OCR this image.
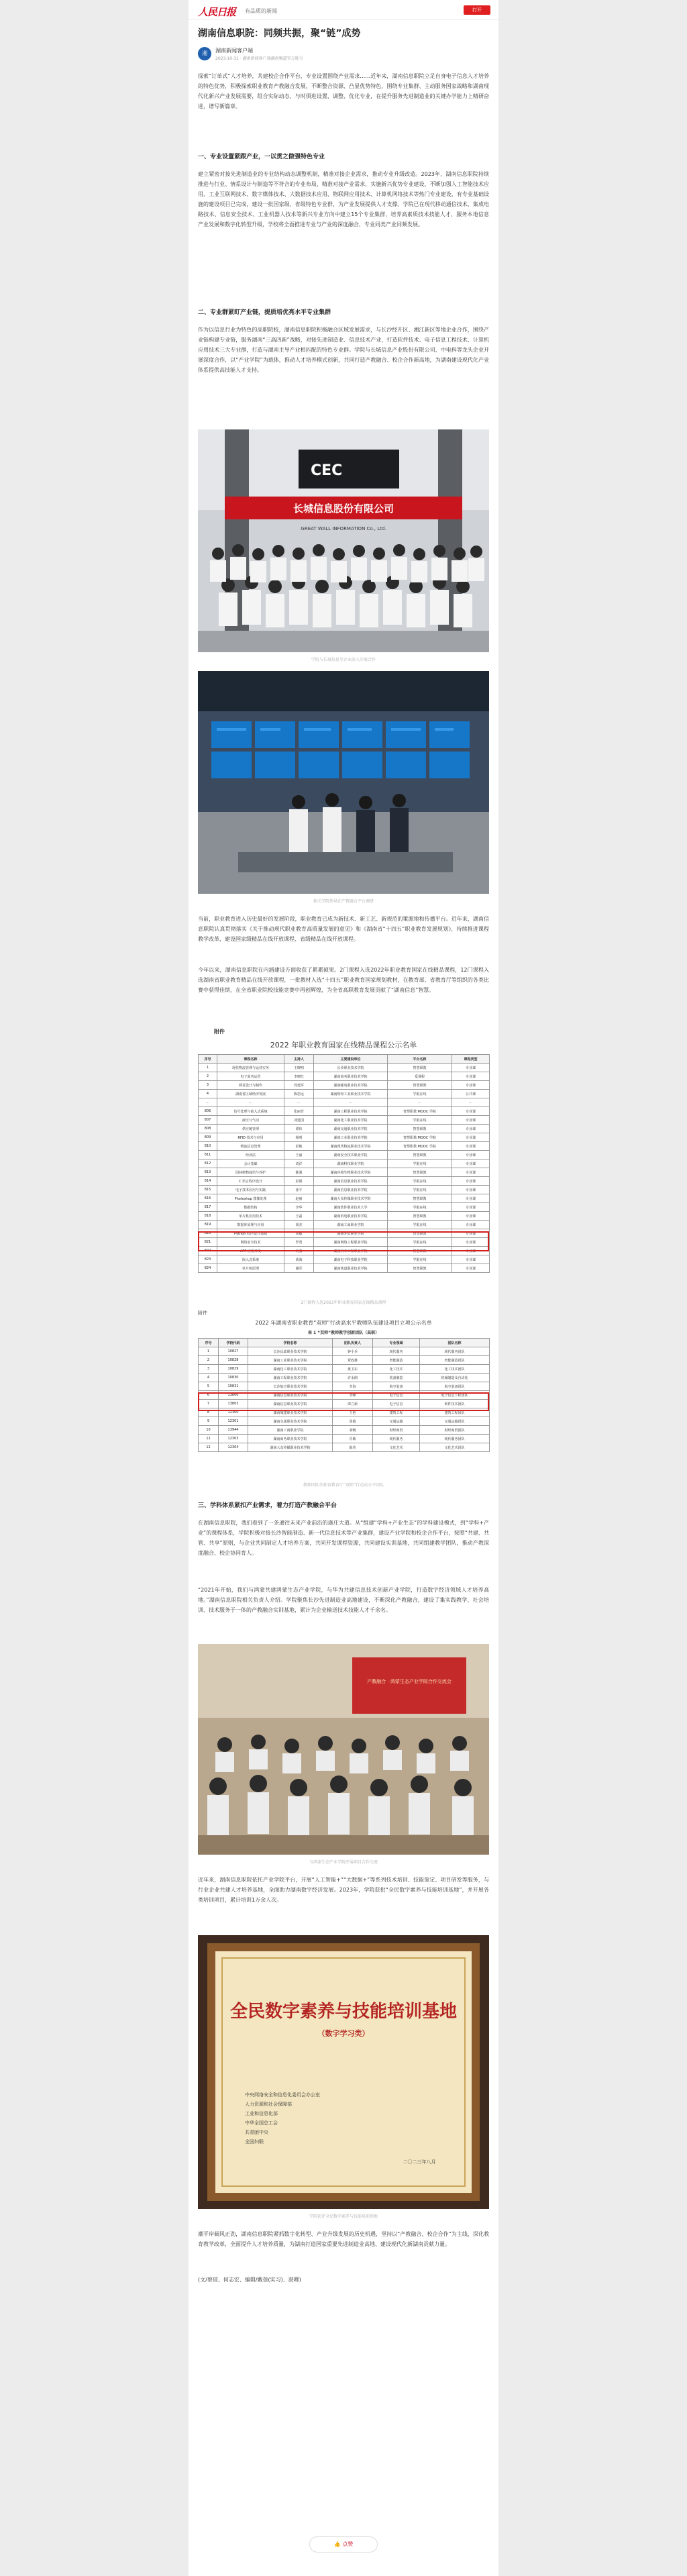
人民日报 有品质的新闻	打开
湖南信息职院：同频共振，聚“链”成势
湘	湖南新闻客户端
2023-10-31 · 湖南新闻客户端湖南频道官方账号
探索“订单式”人才培养，共建校企合作平台，专业设置围绕产业需求……近年来，湖南信息职院立足自身电子信息人才培养的特色优势，积极探索职业教育产教融合发展，不断整合资源、凸显优势特色，围绕专业集群、主动服务国家战略和湖南现代化新兴产业发展需要，组合实际动态，与时俱进设置、调整、优化专业，在提升服务先进制造业的关键办学能力上精研奋进，谱写新篇章。
一、专业设置紧跟产业，一以贯之做强特色专业
建立紧密对接先进制造业的专业结构动态调整机制，精准对接企业需求，推动专业升级改造。2023年，湖南信息职院持续推进与行业、情系设计与制造等不符合的专业布局，精准对接产业需求，实施新兴优势专业建设，不断加强人工智能技术应用、工业互联网技术、数字媒体技术、大数据技术应用、物联网应用技术、计算机网络技术等热门专业建设，有专业基础设施的建设项目已完成，建设一批国家级、省级特色专业群，为产业发展提供人才支撑。学院已在现代移动通信技术、集成电路技术、信息安全技术、工业机器人技术等新兴专业方向中建立15个专业集群，培养高素质技术技能人才，服务本地信息产业发展和数字化转型升级，学校将全面推进专业与产业的深度融合，专业同类产业同频发展。
二、专业群紧盯产业链，提质培优亮水平专业集群
作为以信息行业为特色的高职院校，湖南信息职院积极融合区域发展需求，与长沙经开区、湘江新区等地企业合作，围绕产业链构建专业链，服务湖南“三高四新”战略，对接先进制造业、信息技术产业，打造软件技术、电子信息工程技术、计算机应用技术三大专业群，打造与湖南主导产业相匹配的特色专业群。学院与长城信息产业股份有限公司、中电科等龙头企业开展深度合作，以“产业学院”为载体，推动人才培养模式创新，共同打造产教融合、校企合作新高地，为湖南建设现代化产业体系提供高技能人才支持。
CEC
长城信息股份有限公司
GREAT WALL INFORMATION Co., Ltd.
学院与长城信息等企业深入开展合作
相关学院领导在产教融合平台调研
当前，职业教育进入历史最好的发展阶段，职业教育已成为新技术、新工艺、新规范的策源地和传播平台。近年来，湖南信息职院认真贯彻落实《关于推动现代职业教育高质量发展的意见》和《湖南省“十四五”职业教育发展规划》，持续推进课程教学改革，建设国家级精品在线开放课程、省级精品在线开放课程。
今年以来，湖南信息职院在内涵建设方面收获了累累硕果。2门课程入选2022年职业教育国家在线精品课程，12门课程入选湖南省职业教育精品在线开放课程，一批教材入选“十四五”职业教育国家规划教材，在教育部、省教育厅等组织的各类比赛中获得佳绩，在全省职业院校技能竞赛中再创辉煌，为全省高职教育发展贡献了“湖南信息”智慧。
附件
2022 年职业教育国家在线精品课程公示名单
序号	课程名称	主持人	主要建设单位	平台名称	课程类型
1	现代物流管理与运营实务	王晓明	长沙职业技术学院	智慧职教	专业课
2	电子商务运营	李晓红	湖南商务职业技术学院	爱课程	专业课
3	网页设计与制作	周建军	湖南邮电职业技术学院	智慧职教	专业课
4	湖南省区域经济发展	陈思远	湖南财经工业职业技术学院	学银在线	公共课
…	…	…	…	…	…
806	信号处理与嵌入式系统	张丽芳	湖南工程职业技术学院	智慧职教 MOOC 学院	专业课
807	液压与气动	刘建国	湖南化工职业技术学院	学银在线	专业课
808	供应链管理	谭伟	湖南交通职业技术学院	智慧职教	专业课
809	RFID 技术与应用	杨明	湖南工业职业技术学院	智慧职教 MOOC 学院	专业课
810	物流信息管理	彭敏	湖南现代物流职业技术学院	智慧职教 MOOC 学院	专业课
811	经济法	王丽	湖南安全技术职业学院	智慧职教	专业课
812	会计基础	刘洋	湖南科技职业学院	学银在线	专业课
813	园林植物栽培与养护	陈强	湖南环境生物职业技术学院	智慧职教	专业课
814	C 语言程序设计	彭娟	湖南信息职业技术学院	学银在线	专业课
815	电子技术应用与实践	张平	湖南信息职业技术学院	学银在线	专业课
816	Photoshop 图像处理	赵丽	湖南大众传媒职业技术学院	智慧职教	专业课
817	数据结构	李华	湖南软件职业技术大学	学银在线	专业课
818	单片机应用技术	王磊	湖南机电职业技术学院	智慧职教	专业课
819	数据库原理与应用	胡杰	湖南工商职业学院	学银在线	专业课
820	Python 程序设计基础	周敏	湖南外贸职业学院	智慧职教	专业课
821	网络安全技术	罗勇	湖南网络工程职业学院	学银在线	专业课
822	APP 应用开发	何勇	湖南汽车工程职业学院	智慧职教	专业课
823	嵌入式系统	黄海	湖南电子科技职业学院	学银在线	专业课
824	单片机原理	谢军	湖南铁道职业技术学院	智慧职教	专业课
2门课程入选2022年职业教育国家在线精品课程
附件
2022 年湖南省职业教育“双师”行动高水平教师队伍建设项目立项公示名单
表 1 “双师”教师教学创新团队（高职）
序号	学校代码	学校名称	团队负责人	专业领域	团队名称
1	10827	长沙民政职业技术学院	钟小兵	现代服务	现代服务团队
2	10828	湖南工业职业技术学院	覃政雄	智能制造	智能制造团队
3	10829	湖南化工职业技术学院	黄卫东	化工技术	化工技术团队
4	10830	湖南工程职业技术学院	许永刚	装备制造	机械制造及自动化
5	10831	长沙航空职业技术学院	李海	航空装备	航空装备团队
6	13800	湖南信息职业技术学院	李峰	电子信息	电子信息工程团队
7	13803	湖南信息职业技术学院	谭立新	电子信息	软件技术团队
8	12300	湖南城建职业技术学院	王艳	建筑工程	建筑工程团队
9	12301	湖南交通职业技术学院	周俊	交通运输	交通运输团队
10	13944	湖南工商职业学院	刘畅	财经商贸	财经商贸团队
11	12303	湖南商务职业技术学院	肖敏	现代服务	现代服务团队
12	12304	湖南大众传媒职业技术学院	陈英	文化艺术	文化艺术团队
教师团队荣获省教育厅“双师”行动高水平团队
三、学科体系紧扣产业需求，着力打造产教融合平台
在湖南信息职院，我们看到了一条通往未来产业前沿的康庄大道。从“组建”学科+产业生态”的学科建设模式，到“学科+产业”的课程体系，学院积极对接长沙智能制造、新一代信息技术等产业集群，建设产业学院和校企合作平台，按照“共建、共管、共享”原则，与企业共同制定人才培养方案，共同开发课程资源，共同建设实训基地，共同组建教学团队，推动产教深度融合、校企协同育人。
“2021年开始，我们与鸿蒙共建鸿蒙生态产业学院，与华为共建信息技术创新产业学院，打造数字经济领域人才培养高地。”湖南信息职院相关负责人介绍。学院聚焦长沙先进制造业高地建设，不断深化产教融合，建设了集实践教学、社会培训、技术服务于一体的产教融合实训基地，累计为企业输送技术技能人才千余名。
产教融合 · 鸿蒙生态产业学院合作交流会
与鸿蒙生态产业学院开展项目合作交流
近年来，湖南信息职院依托产业学院平台，开展“人工智能+”“大数据+”等系列技术培训、技能鉴定、项目研发等服务，与行业企业共建人才培养基地，全面助力湖南数字经济发展。2023年，学院获批“全民数字素养与技能培训基地”，并开展各类培训项目，累计培训1万余人次。
全民数字素养与技能培训基地
（数字学习类）
中央网络安全和信息化委员会办公室
人力资源和社会保障部
工业和信息化部
中华全国总工会
共青团中央
全国妇联
二〇二三年八月
学院获评全民数字素养与技能培训基地
潮平岸阔风正劲，湖南信息职院紧抓数字化转型、产业升级发展的历史机遇，坚持以“产教融合、校企合作”为主线，深化教育教学改革，全面提升人才培养质量，为湖南打造国家重要先进制造业高地、建设现代化新湖南贡献力量。
(文/蔡琼、何志宏、编辑/戴蓓(实习)、湛卿)
👍 点赞
